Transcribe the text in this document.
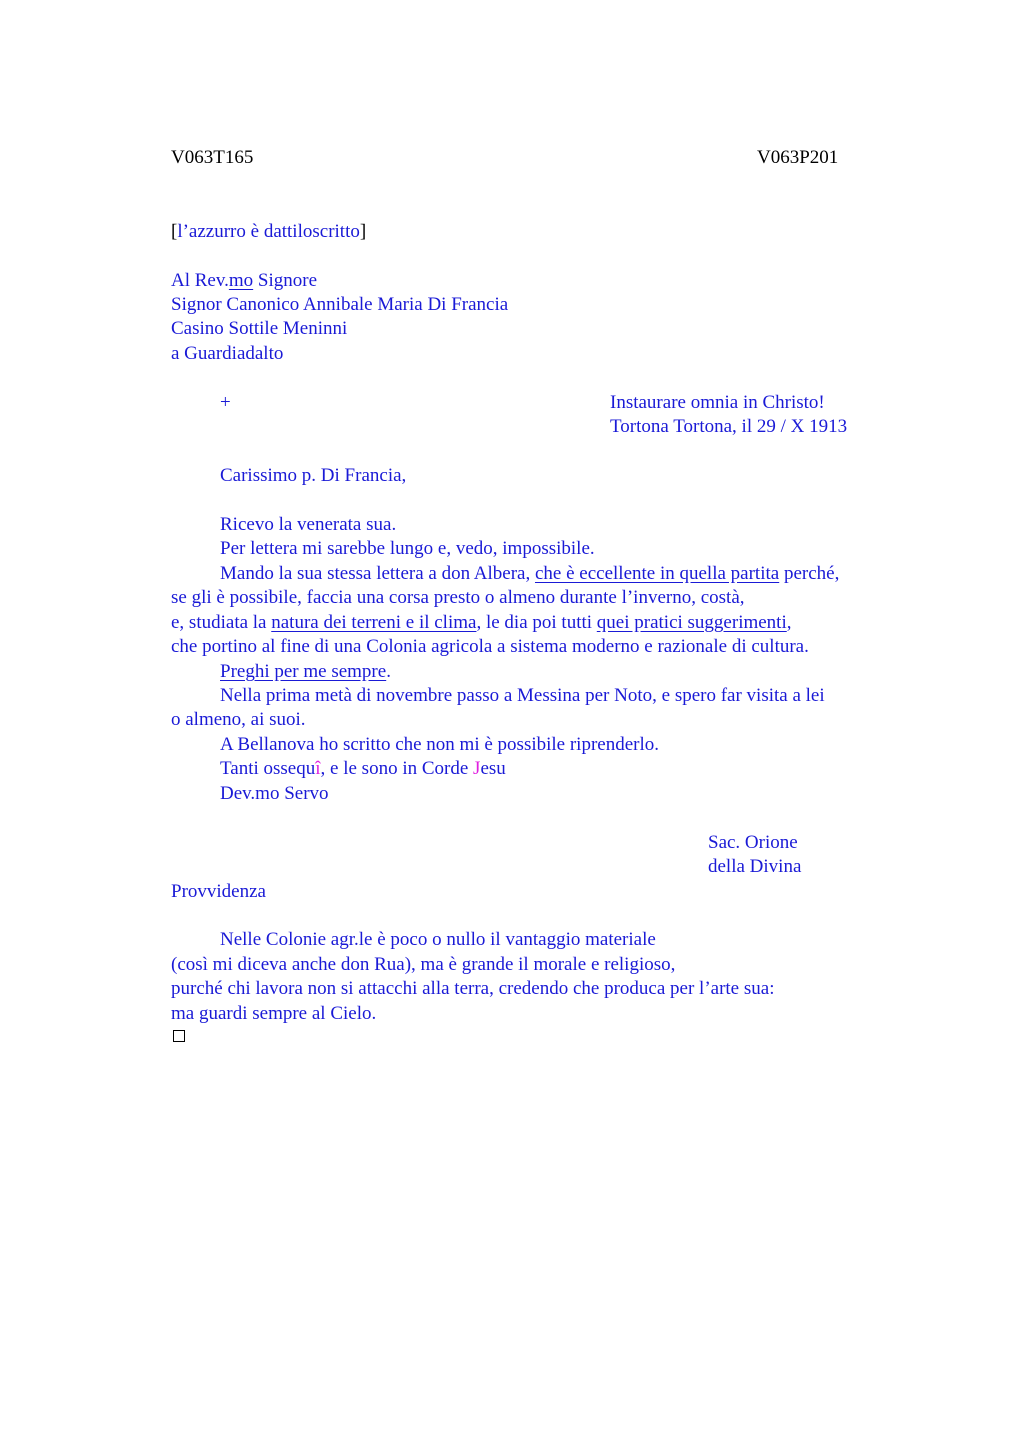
V063T165	V063P201
[l’azzurro è dattiloscritto]
Al Rev.mo Signore
Signor Canonico Annibale Maria Di Francia
Casino Sottile Meninni
a Guardiadalto
+	Instaurare omnia in Christo!
Tortona Tortona, il 29 / X 1913
Carissimo p. Di Francia,
Ricevo la venerata sua.
Per lettera mi sarebbe lungo e, vedo, impossibile.
Mando la sua stessa lettera a don Albera, che è eccellente in quella partita perché,
se gli è possibile, faccia una corsa presto o almeno durante l’inverno, costà,
e, studiata la natura dei terreni e il clima, le dia poi tutti quei pratici suggerimenti,
che portino al fine di una Colonia agricola a sistema moderno e razionale di cultura.
Preghi per me sempre.
Nella prima metà di novembre passo a Messina per Noto, e spero far visita a lei
o almeno, ai suoi.
A Bellanova ho scritto che non mi è possibile riprenderlo.
Tanti ossequî, e le sono in Corde Jesu
Dev.mo Servo
Sac. Orione
della Divina
Provvidenza
Nelle Colonie agr.le è poco o nullo il vantaggio materiale
(così mi diceva anche don Rua), ma è grande il morale e religioso,
purché chi lavora non si attacchi alla terra, credendo che produca per l’arte sua:
ma guardi sempre al Cielo.
